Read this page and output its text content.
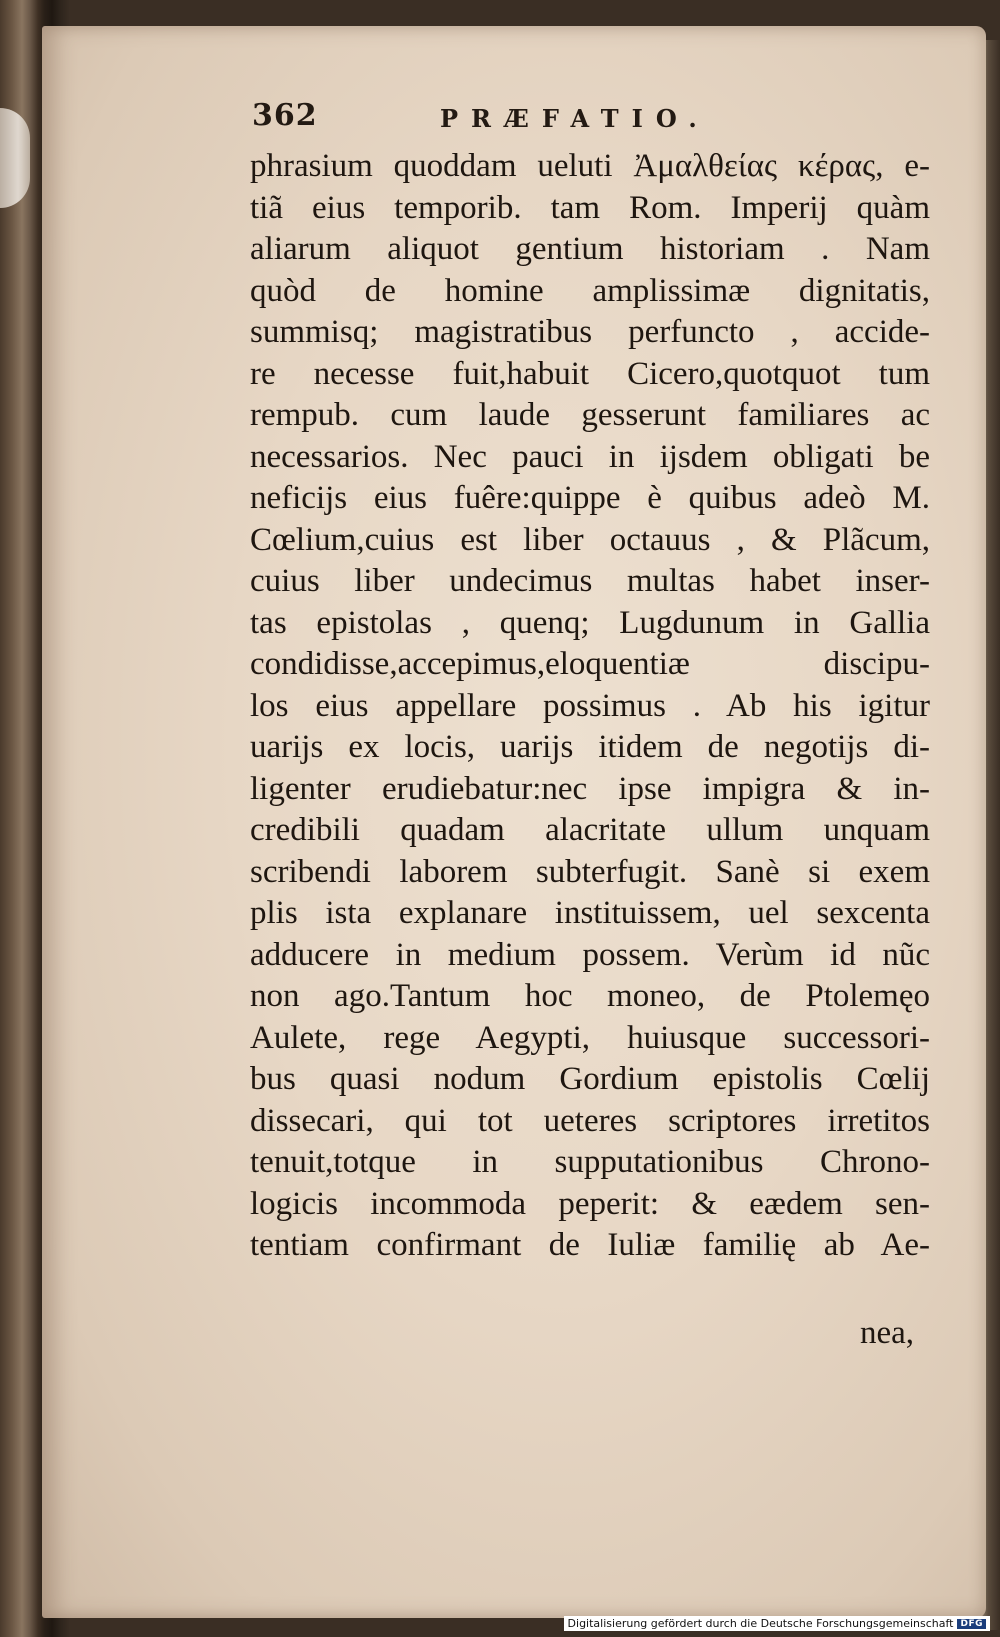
362	PRÆFATIO.
phrasium quoddam ueluti Ἀμαλθείας κέρας, e-
tiã eius temporib. tam Rom. Imperij quàm
aliarum aliquot gentium historiam . Nam
quòd de homine amplissimæ dignitatis,
summisq; magistratibus perfuncto , accide-
re necesse fuit,habuit Cicero,quotquot tum
rempub. cum laude gesserunt familiares ac
necessarios. Nec pauci in ijsdem obligati be
neficijs eius fuêre:quippe è quibus adeò M.
Cœlium,cuius est liber octauus , & Plãcum,
cuius liber undecimus multas habet inser-
tas epistolas , quenq; Lugdunum in Gallia
condidisse,accepimus,eloquentiæ discipu-
los eius appellare possimus . Ab his igitur
uarijs ex locis, uarijs itidem de negotijs di-
ligenter erudiebatur:nec ipse impigra & in-
credibili quadam alacritate ullum unquam
scribendi laborem subterfugit. Sanè si exem
plis ista explanare instituissem, uel sexcenta
adducere in medium possem. Verùm id nũc
non ago.Tantum hoc moneo, de Ptolemęo
Aulete, rege Aegypti, huiusque successori-
bus quasi nodum Gordium epistolis Cœlij
dissecari, qui tot ueteres scriptores irretitos
tenuit,totque in supputationibus Chrono-
logicis incommoda peperit: & eædem sen-
tentiam confirmant de Iuliæ familię ab Ae-
nea,
Digitalisierung gefördert durch die Deutsche Forschungsgemeinschaft DFG
